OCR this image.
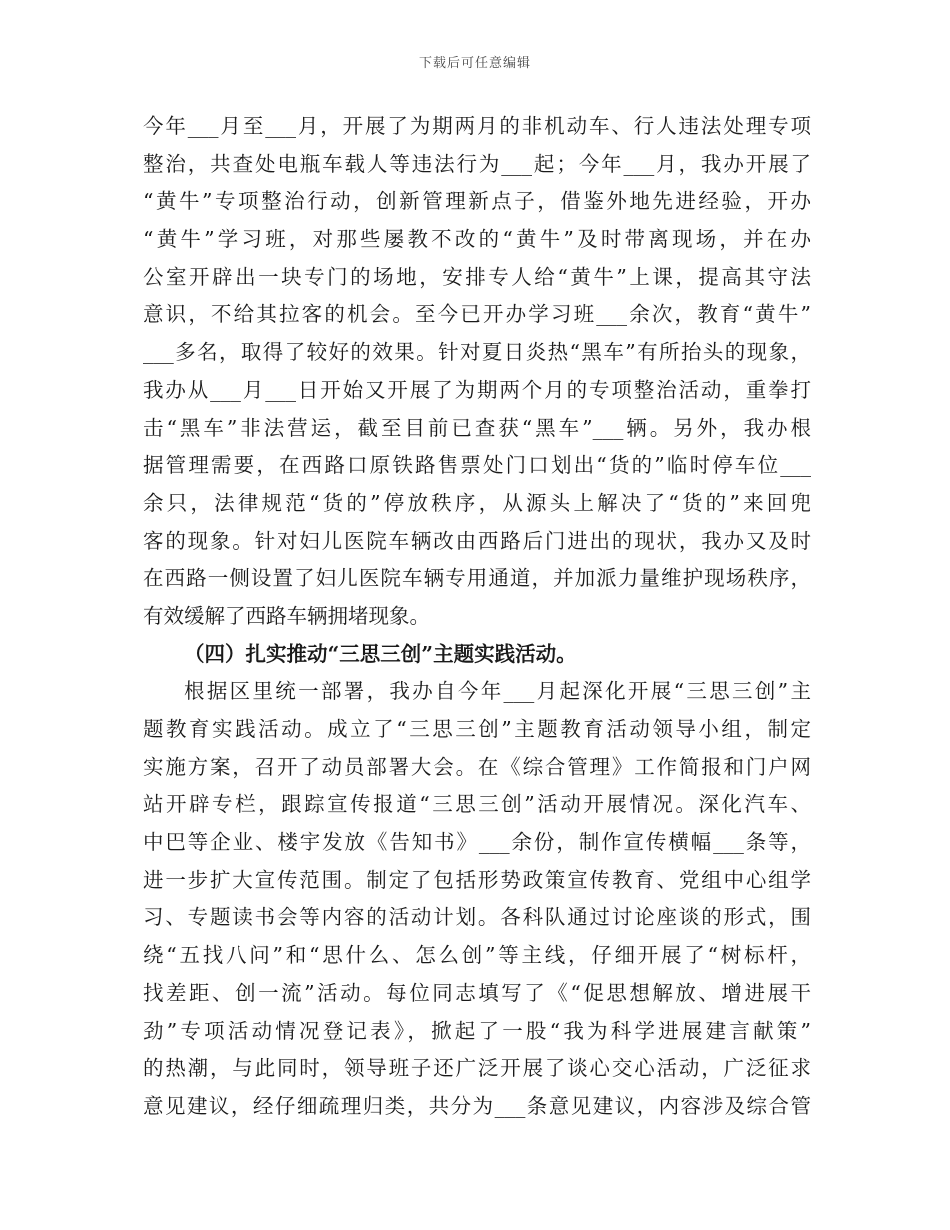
下载后可任意编辑
今年___月至___月，开展了为期两月的非机动车、行人违法处理专项
整治，共查处电瓶车载人等违法行为___起；今年___月，我办开展了
“黄牛”专项整治行动，创新管理新点子，借鉴外地先进经验，开办
“黄牛”学习班，对那些屡教不改的“黄牛”及时带离现场，并在办
公室开辟出一块专门的场地，安排专人给“黄牛”上课，提高其守法
意识，不给其拉客的机会。至今已开办学习班___余次，教育“黄牛”
___多名，取得了较好的效果。针对夏日炎热“黑车”有所抬头的现象，
我办从___月___日开始又开展了为期两个月的专项整治活动，重拳打
击“黑车”非法营运，截至目前已查获“黑车”___辆。另外，我办根
据管理需要，在西路口原铁路售票处门口划出“货的”临时停车位___
余只，法律规范“货的”停放秩序，从源头上解决了“货的”来回兜
客的现象。针对妇儿医院车辆改由西路后门进出的现状，我办又及时
在西路一侧设置了妇儿医院车辆专用通道，并加派力量维护现场秩序，
有效缓解了西路车辆拥堵现象。
（四）扎实推动“三思三创”主题实践活动。
根据区里统一部署，我办自今年___月起深化开展“三思三创”主
题教育实践活动。成立了“三思三创”主题教育活动领导小组，制定
实施方案，召开了动员部署大会。在《综合管理》工作简报和门户网
站开辟专栏，跟踪宣传报道“三思三创”活动开展情况。深化汽车、
中巴等企业、楼宇发放《告知书》___余份，制作宣传横幅___条等，
进一步扩大宣传范围。制定了包括形势政策宣传教育、党组中心组学
习、专题读书会等内容的活动计划。各科队通过讨论座谈的形式，围
绕“五找八问”和“思什么、怎么创”等主线，仔细开展了“树标杆，
找差距、创一流”活动。每位同志填写了《“促思想解放、增进展干
劲”专项活动情况登记表》，掀起了一股“我为科学进展建言献策”
的热潮，与此同时，领导班子还广泛开展了谈心交心活动，广泛征求
意见建议，经仔细疏理归类，共分为___条意见建议，内容涉及综合管
